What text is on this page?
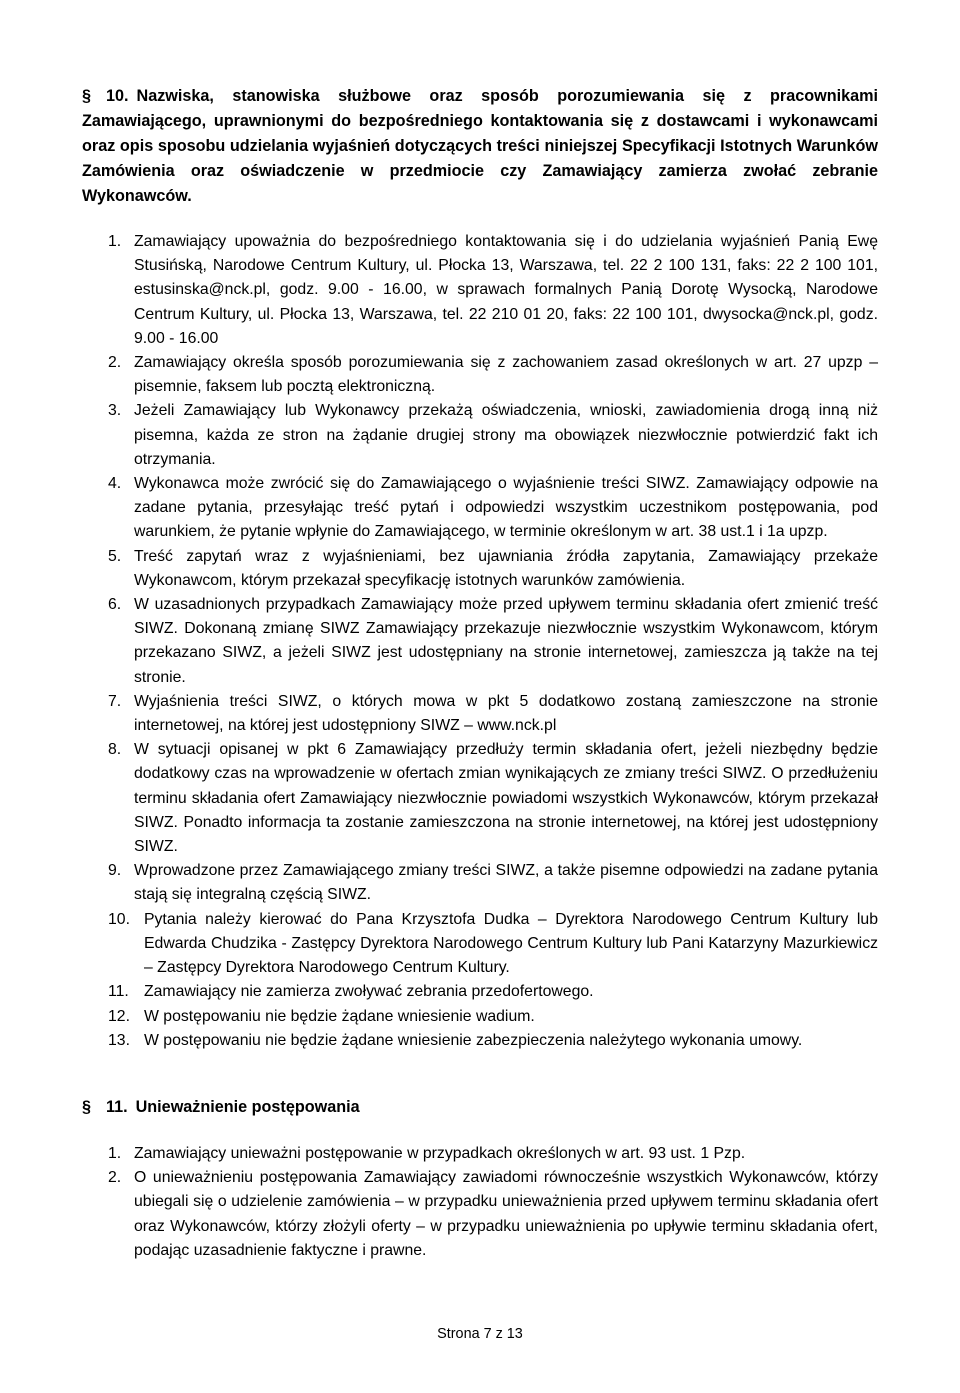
§ 10. Nazwiska, stanowiska służbowe oraz sposób porozumiewania się z pracownikami Zamawiającego, uprawnionymi do bezpośredniego kontaktowania się z dostawcami i wykonawcami oraz opis sposobu udzielania wyjaśnień dotyczących treści niniejszej Specyfikacji Istotnych Warunków Zamówienia oraz oświadczenie w przedmiocie czy Zamawiający zamierza zwołać zebranie Wykonawców.
1. Zamawiający upoważnia do bezpośredniego kontaktowania się i do udzielania wyjaśnień Panią Ewę Stusińską, Narodowe Centrum Kultury, ul. Płocka 13, Warszawa, tel. 22 2 100 131, faks: 22 2 100 101, estusinska@nck.pl, godz. 9.00 - 16.00, w sprawach formalnych Panią Dorotę Wysocką, Narodowe Centrum Kultury, ul. Płocka 13, Warszawa, tel. 22 210 01 20, faks: 22 100 101, dwysocka@nck.pl, godz. 9.00 - 16.00
2. Zamawiający określa sposób porozumiewania się z zachowaniem zasad określonych w art. 27 upzp – pisemnie, faksem lub pocztą elektroniczną.
3. Jeżeli Zamawiający lub Wykonawcy przekażą oświadczenia, wnioski, zawiadomienia drogą inną niż pisemna, każda ze stron na żądanie drugiej strony ma obowiązek niezwłocznie potwierdzić fakt ich otrzymania.
4. Wykonawca może zwrócić się do Zamawiającego o wyjaśnienie treści SIWZ. Zamawiający odpowie na zadane pytania, przesyłając treść pytań i odpowiedzi wszystkim uczestnikom postępowania, pod warunkiem, że pytanie wpłynie do Zamawiającego, w terminie określonym w art. 38 ust.1 i 1a upzp.
5. Treść zapytań wraz z wyjaśnieniami, bez ujawniania źródła zapytania, Zamawiający przekaże Wykonawcom, którym przekazał specyfikację istotnych warunków zamówienia.
6. W uzasadnionych przypadkach Zamawiający może przed upływem terminu składania ofert zmienić treść SIWZ. Dokonaną zmianę SIWZ Zamawiający przekazuje niezwłocznie wszystkim Wykonawcom, którym przekazano SIWZ, a jeżeli SIWZ jest udostępniany na stronie internetowej, zamieszcza ją także na tej stronie.
7. Wyjaśnienia treści SIWZ, o których mowa w pkt 5 dodatkowo zostaną zamieszczone na stronie internetowej, na której jest udostępniony SIWZ – www.nck.pl
8. W sytuacji opisanej w pkt 6 Zamawiający przedłuży termin składania ofert, jeżeli niezbędny będzie dodatkowy czas na wprowadzenie w ofertach zmian wynikających ze zmiany treści SIWZ. O przedłużeniu terminu składania ofert Zamawiający niezwłocznie powiadomi wszystkich Wykonawców, którym przekazał SIWZ. Ponadto informacja ta zostanie zamieszczona na stronie internetowej, na której jest udostępniony SIWZ.
9. Wprowadzone przez Zamawiającego zmiany treści SIWZ, a także pisemne odpowiedzi na zadane pytania stają się integralną częścią SIWZ.
10. Pytania należy kierować do Pana Krzysztofa Dudka – Dyrektora Narodowego Centrum Kultury lub Edwarda Chudzika - Zastępcy Dyrektora Narodowego Centrum Kultury lub Pani Katarzyny Mazurkiewicz – Zastępcy Dyrektora Narodowego Centrum Kultury.
11. Zamawiający nie zamierza zwoływać zebrania przedofertowego.
12. W postępowaniu nie będzie żądane wniesienie wadium.
13. W postępowaniu nie będzie żądane wniesienie zabezpieczenia należytego wykonania umowy.
§ 11. Unieważnienie postępowania
1. Zamawiający unieważni postępowanie w przypadkach określonych w art. 93 ust. 1 Pzp.
2. O unieważnieniu postępowania Zamawiający zawiadomi równocześnie wszystkich Wykonawców, którzy ubiegali się o udzielenie zamówienia – w przypadku unieważnienia przed upływem terminu składania ofert oraz Wykonawców, którzy złożyli oferty – w przypadku unieważnienia po upływie terminu składania ofert, podając uzasadnienie faktyczne i prawne.
Strona 7 z 13
